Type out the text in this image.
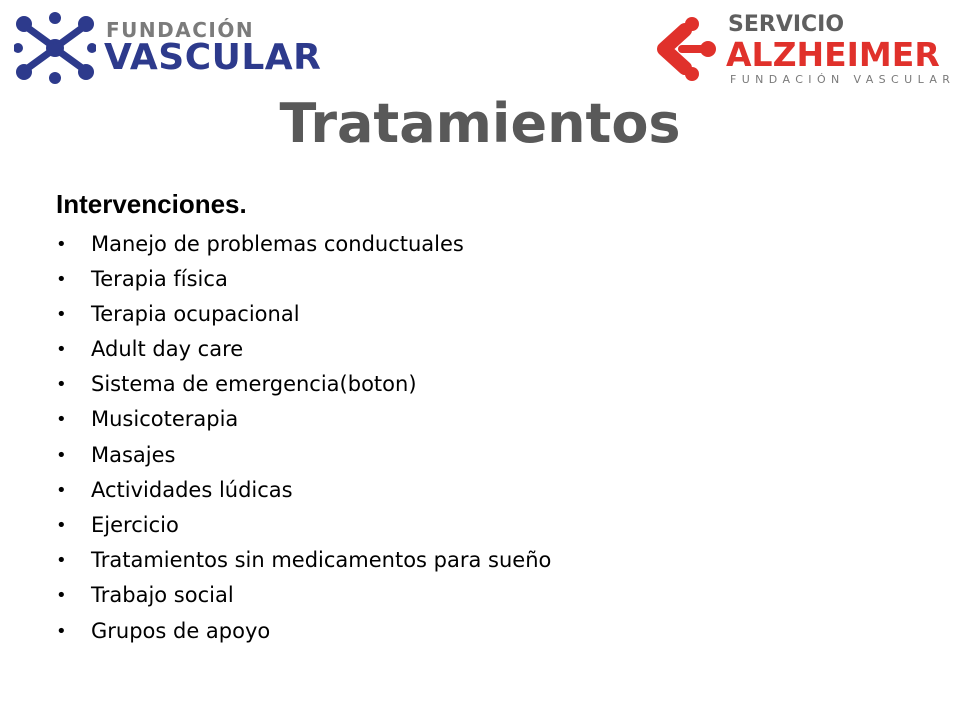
FUNDACIÓN
VASCULAR
SERVICIO
ALZHEIMER
FUNDACIÓN VASCULAR
Tratamientos
Intervenciones.
• Manejo de problemas conductuales
• Terapia física
• Terapia ocupacional
• Adult day care
• Sistema de emergencia(boton)
• Musicoterapia
• Masajes
• Actividades lúdicas
• Ejercicio
• Tratamientos sin medicamentos para sueño
• Trabajo social
• Grupos de apoyo
